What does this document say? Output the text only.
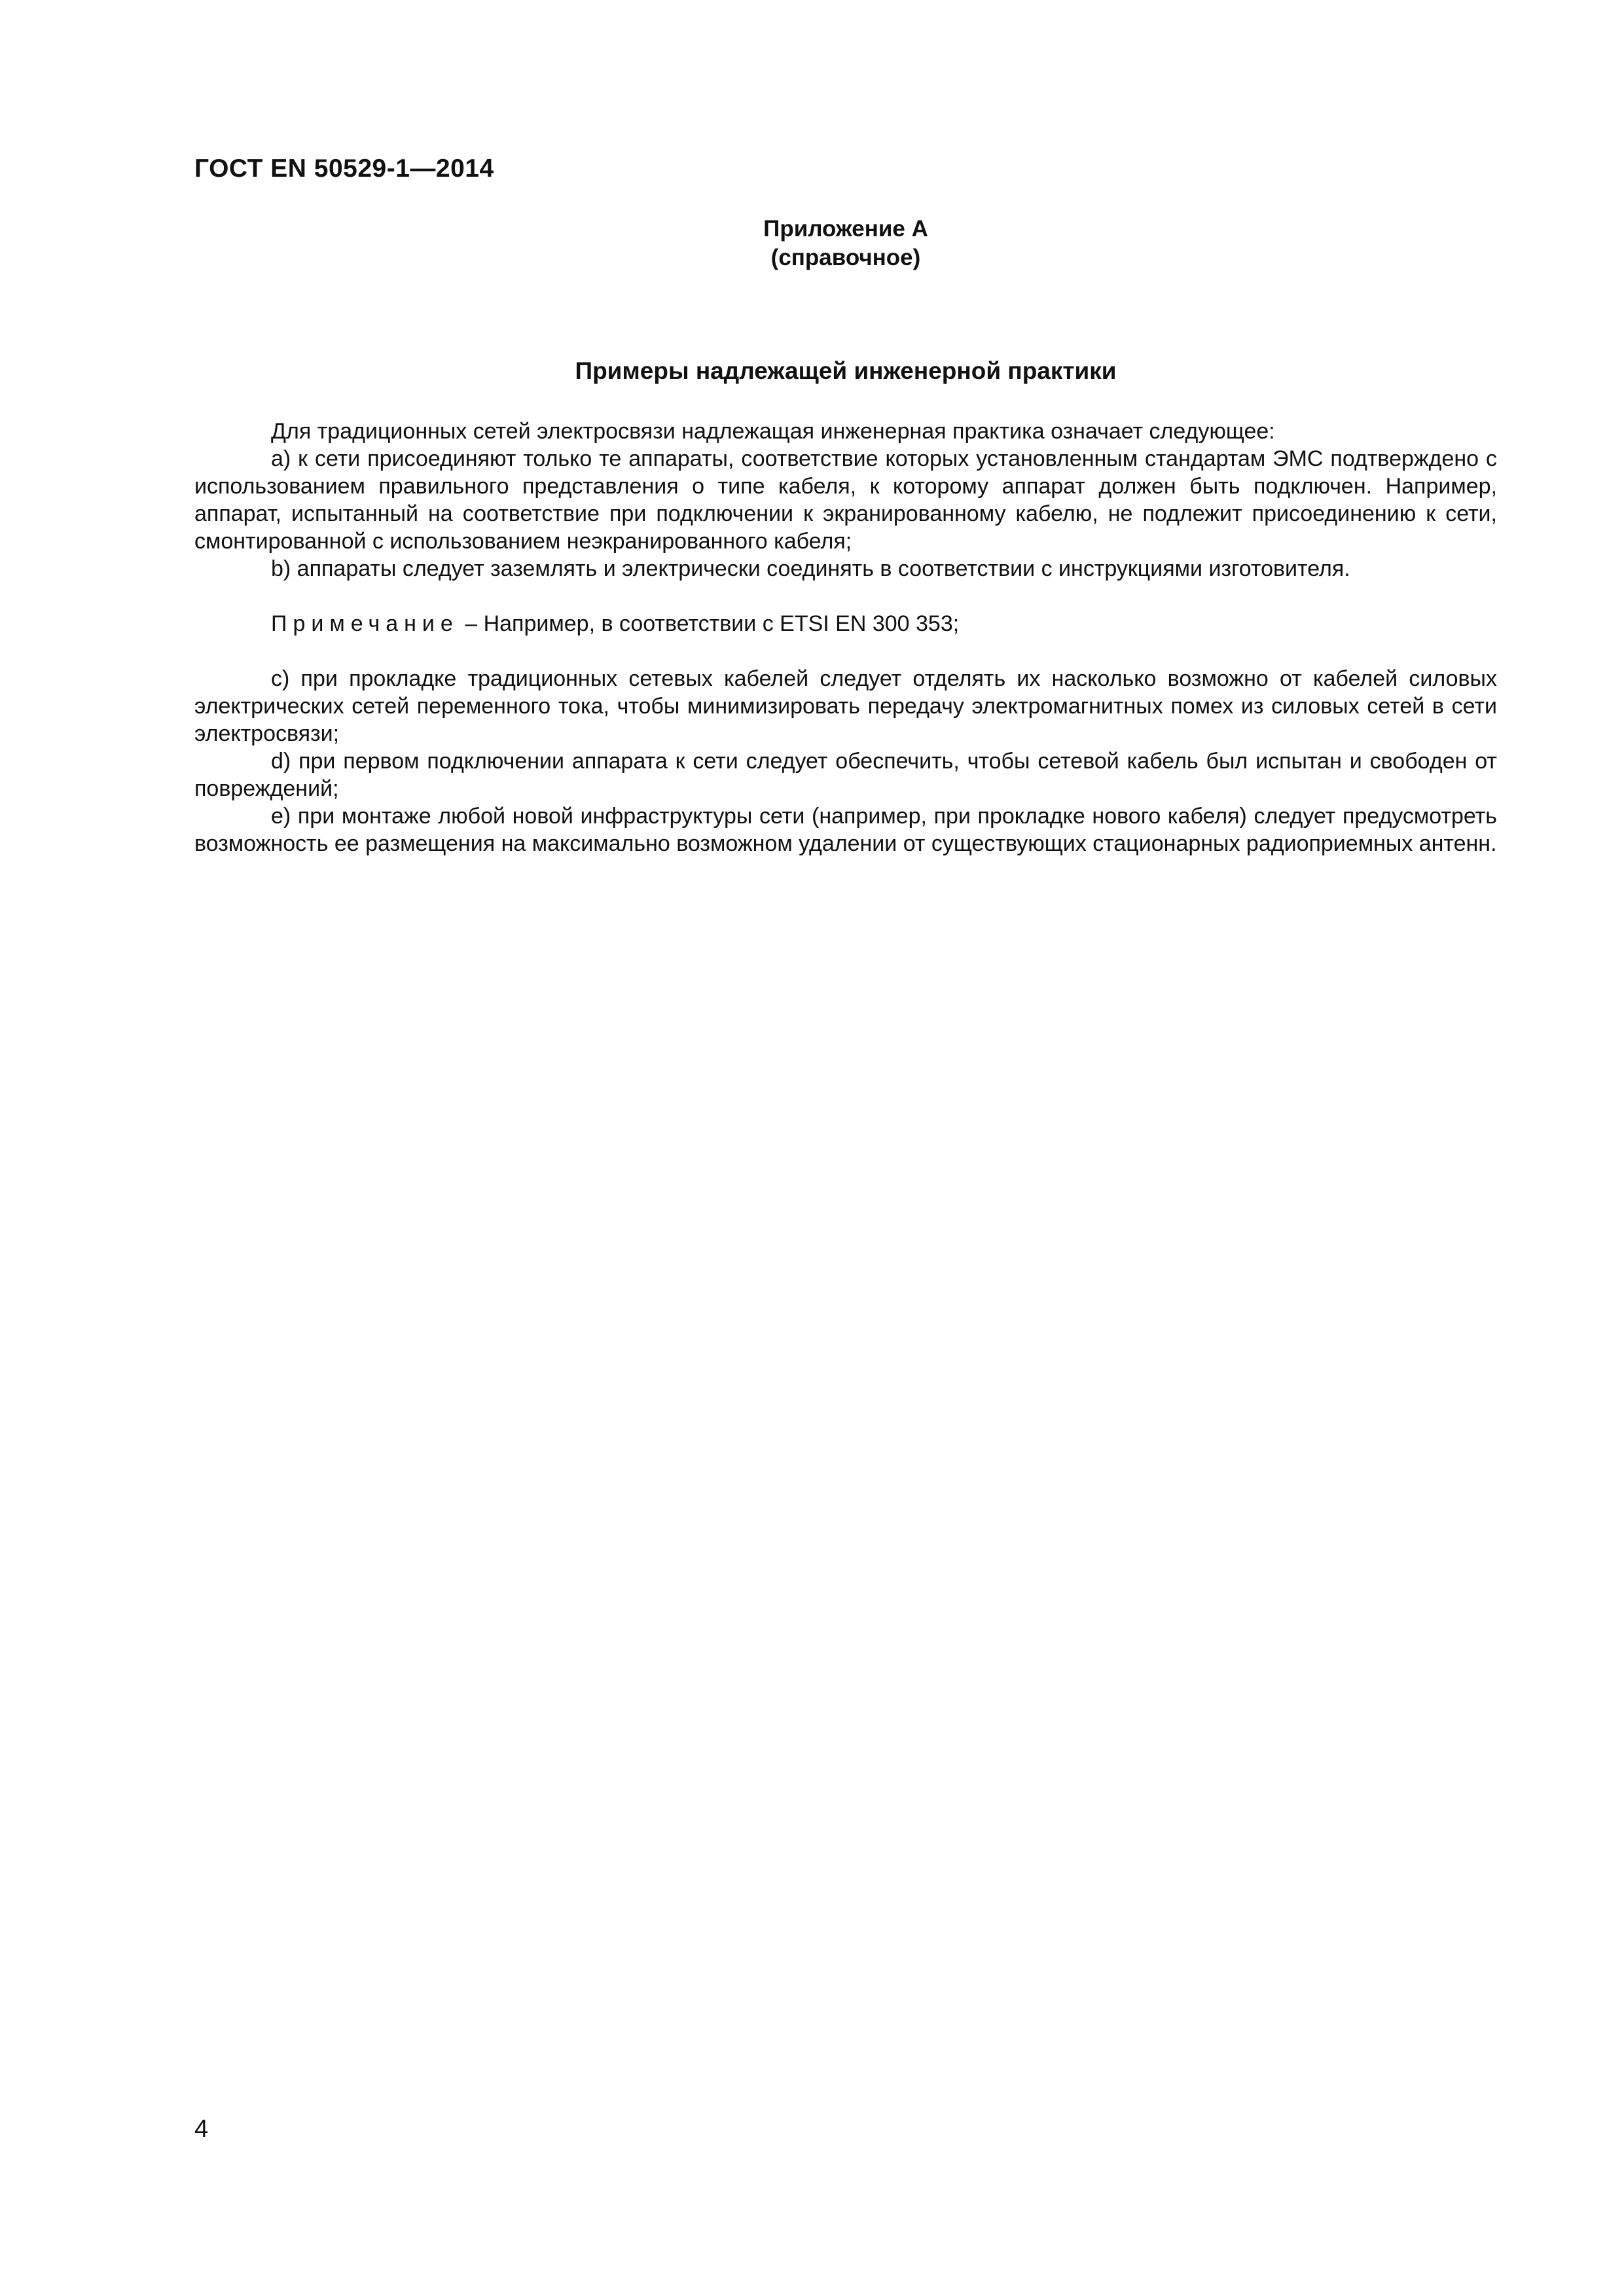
ГОСТ EN 50529-1—2014
Приложение А
(справочное)
Примеры надлежащей инженерной практики

Для традиционных сетей электросвязи надлежащая инженерная практика означает следующее:

а) к сети присоединяют только те аппараты, соответствие которых установленным стандартам ЭМС подтверждено с использованием правильного представления о типе кабеля, к которому аппарат должен быть подключен. Например, аппарат, испытанный на соответствие при подключении к экранированному кабелю, не подлежит присоединению к сети, смонтированной с использованием неэкранированного кабеля;

b) аппараты следует заземлять и электрически соединять в соответствии с инструкциями изготовителя.

Примечание – Например, в соответствии с ETSI EN 300 353;

с) при прокладке традиционных сетевых кабелей следует отделять их насколько возможно от кабелей силовых электрических сетей переменного тока, чтобы минимизировать передачу электромагнитных помех из силовых сетей в сети электросвязи;

d) при первом подключении аппарата к сети следует обеспечить, чтобы сетевой кабель был испытан и свободен от повреждений;

e) при монтаже любой новой инфраструктуры сети (например, при прокладке нового кабеля) следует предусмотреть возможность ее размещения на максимально возможном удалении от существующих стационарных радиоприемных антенн.

4
